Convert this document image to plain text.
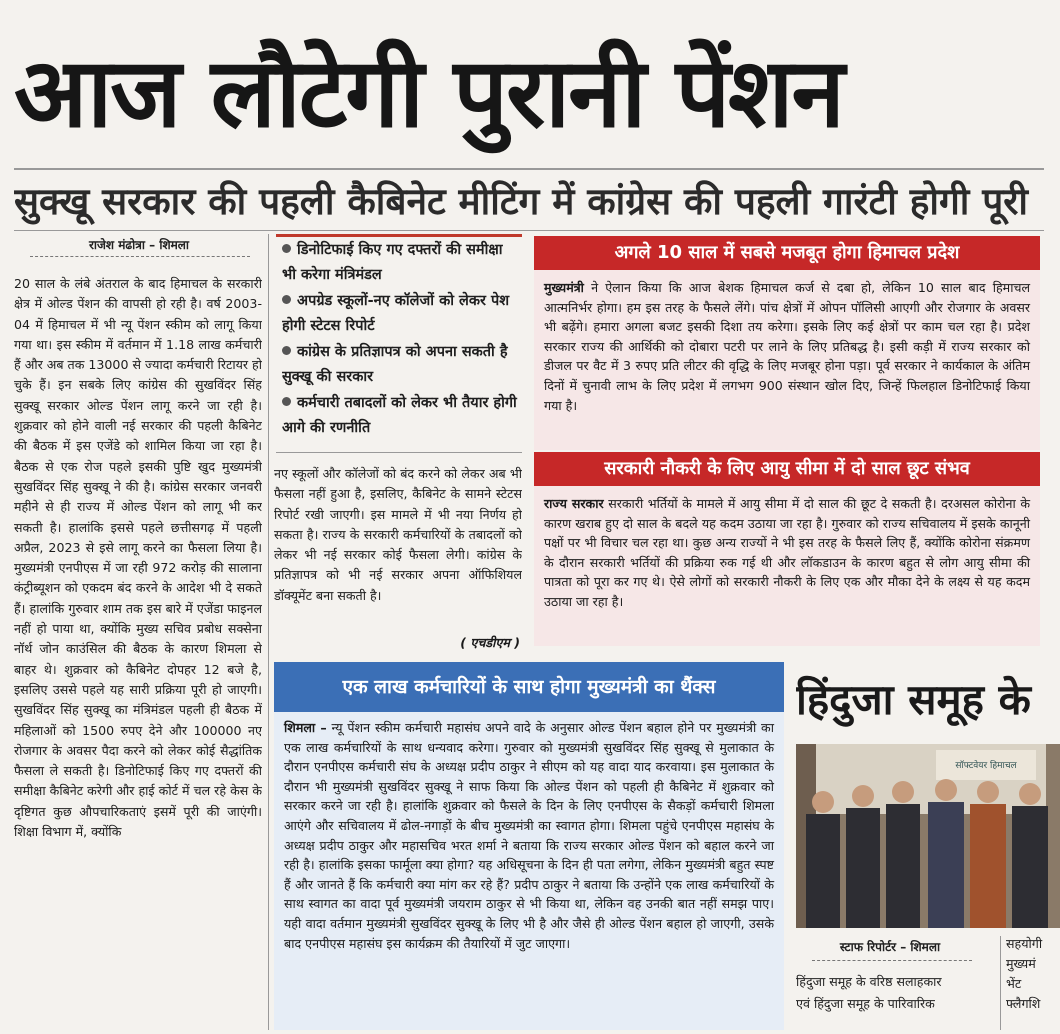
आज लौटेगी पुरानी पेंशन
सुक्खू सरकार की पहली कैबिनेट मीटिंग में कांग्रेस की पहली गारंटी होगी पूरी
राजेश मंढोत्रा – शिमला
20 साल के लंबे अंतराल के बाद हिमाचल के सरकारी क्षेत्र में ओल्ड पेंशन की वापसी हो रही है। वर्ष 2003-04 में हिमाचल में भी न्यू पेंशन स्कीम को लागू किया गया था। इस स्कीम में वर्तमान में 1.18 लाख कर्मचारी हैं और अब तक 13000 से ज्यादा कर्मचारी रिटायर हो चुके हैं। इन सबके लिए कांग्रेस की सुखविंदर सिंह सुक्खू सरकार ओल्ड पेंशन लागू करने जा रही है। शुक्रवार को होने वाली नई सरकार की पहली कैबिनेट की बैठक में इस एजेंडे को शामिल किया जा रहा है। बैठक से एक रोज पहले इसकी पुष्टि खुद मुख्यमंत्री सुखविंदर सिंह सुक्खू ने की है। कांग्रेस सरकार जनवरी महीने से ही राज्य में ओल्ड पेंशन को लागू भी कर सकती है। हालांकि इससे पहले छत्तीसगढ़ में पहली अप्रैल, 2023 से इसे लागू करने का फैसला लिया है। मुख्यमंत्री एनपीएस में जा रही 972 करोड़ की सालाना कंट्रीब्यूशन को एकदम बंद करने के आदेश भी दे सकते हैं। हालांकि गुरुवार शाम तक इस बारे में एजेंडा फाइनल नहीं हो पाया था, क्योंकि मुख्य सचिव प्रबोध सक्सेना नॉर्थ जोन काउंसिल की बैठक के कारण शिमला से बाहर थे। शुक्रवार को कैबिनेट दोपहर 12 बजे है, इसलिए उससे पहले यह सारी प्रक्रिया पूरी हो जाएगी। सुखविंदर सिंह सुक्खू का मंत्रिमंडल पहली ही बैठक में महिलाओं को 1500 रुपए देने और 100000 नए रोजगार के अवसर पैदा करने को लेकर कोई सैद्धांतिक फैसला ले सकती है। डिनोटिफाई किए गए दफ्तरों की समीक्षा कैबिनेट करेगी और हाई कोर्ट में चल रहे केस के दृष्टिगत कुछ औपचारिकताएं इसमें पूरी की जाएंगी। शिक्षा विभाग में, क्योंकि
डिनोटिफाई किए गए दफ्तरों की समीक्षा भी करेगा मंत्रिमंडल
अपग्रेड स्कूलों-नए कॉलेजों को लेकर पेश होगी स्टेटस रिपोर्ट
कांग्रेस के प्रतिज्ञापत्र को अपना सकती है सुक्खू की सरकार
कर्मचारी तबादलों को लेकर भी तैयार होगी आगे की रणनीति
नए स्कूलों और कॉलेजों को बंद करने को लेकर अब भी फैसला नहीं हुआ है, इसलिए, कैबिनेट के सामने स्टेटस रिपोर्ट रखी जाएगी। इस मामले में भी नया निर्णय हो सकता है। राज्य के सरकारी कर्मचारियों के तबादलों को लेकर भी नई सरकार कोई फैसला लेगी। कांग्रेस के प्रतिज्ञापत्र को भी नई सरकार अपना ऑफिशियल डॉक्यूमेंट बना सकती है।
( एचडीएम )
अगले 10 साल में सबसे मजबूत होगा हिमाचल प्रदेश

मुख्यमंत्री ने ऐलान किया कि आज बेशक हिमाचल कर्ज से दबा हो, लेकिन 10 साल बाद हिमाचल आत्मनिर्भर होगा। हम इस तरह के फैसले लेंगे। पांच क्षेत्रों में ओपन पॉलिसी आएगी और रोजगार के अवसर भी बढ़ेंगे। हमारा अगला बजट इसकी दिशा तय करेगा। इसके लिए कई क्षेत्रों पर काम चल रहा है। प्रदेश सरकार राज्य की आर्थिकी को दोबारा पटरी पर लाने के लिए प्रतिबद्ध है। इसी कड़ी में राज्य सरकार को डीजल पर वैट में 3 रुपए प्रति लीटर की वृद्धि के लिए मजबूर होना पड़ा। पूर्व सरकार ने कार्यकाल के अंतिम दिनों में चुनावी लाभ के लिए प्रदेश में लगभग 900 संस्थान खोल दिए, जिन्हें फिलहाल डिनोटिफाई किया गया है।

सरकारी नौकरी के लिए आयु सीमा में दो साल छूट संभव

राज्य सरकार सरकारी भर्तियों के मामले में आयु सीमा में दो साल की छूट दे सकती है। दरअसल कोरोना के कारण खराब हुए दो साल के बदले यह कदम उठाया जा रहा है। गुरुवार को राज्य सचिवालय में इसके कानूनी पक्षों पर भी विचार चल रहा था। कुछ अन्य राज्यों ने भी इस तरह के फैसले लिए हैं, क्योंकि कोरोना संक्रमण के दौरान सरकारी भर्तियों की प्रक्रिया रुक गई थी और लॉकडाउन के कारण बहुत से लोग आयु सीमा की पात्रता को पूरा कर गए थे। ऐसे लोगों को सरकारी नौकरी के लिए एक और मौका देने के लक्ष्य से यह कदम उठाया जा रहा है।

एक लाख कर्मचारियों के साथ होगा मुख्यमंत्री का थैंक्स

शिमला – न्यू पेंशन स्कीम कर्मचारी महासंघ अपने वादे के अनुसार ओल्ड पेंशन बहाल होने पर मुख्यमंत्री का एक लाख कर्मचारियों के साथ धन्यवाद करेगा। गुरुवार को मुख्यमंत्री सुखविंदर सिंह सुक्खू से मुलाकात के दौरान एनपीएस कर्मचारी संघ के अध्यक्ष प्रदीप ठाकुर ने सीएम को यह वादा याद करवाया। इस मुलाकात के दौरान भी मुख्यमंत्री सुखविंदर सुक्खू ने साफ किया कि ओल्ड पेंशन को पहली ही कैबिनेट में शुक्रवार को सरकार करने जा रही है। हालांकि शुक्रवार को फैसले के दिन के लिए एनपीएस के सैकड़ों कर्मचारी शिमला आएंगे और सचिवालय में ढोल-नगाड़ों के बीच मुख्यमंत्री का स्वागत होगा। शिमला पहुंचे एनपीएस महासंघ के अध्यक्ष प्रदीप ठाकुर और महासचिव भरत शर्मा ने बताया कि राज्य सरकार ओल्ड पेंशन को बहाल करने जा रही है। हालांकि इसका फार्मूला क्या होगा? यह अधिसूचना के दिन ही पता लगेगा, लेकिन मुख्यमंत्री बहुत स्पष्ट हैं और जानते हैं कि कर्मचारी क्या मांग कर रहे हैं? प्रदीप ठाकुर ने बताया कि उन्होंने एक लाख कर्मचारियों के साथ स्वागत का वादा पूर्व मुख्यमंत्री जयराम ठाकुर से भी किया था, लेकिन वह उनकी बात नहीं समझ पाए। यही वादा वर्तमान मुख्यमंत्री सुखविंदर सुक्खू के लिए भी है और जैसे ही ओल्ड पेंशन बहाल हो जाएगी, उसके बाद एनपीएस महासंघ इस कार्यक्रम की तैयारियों में जुट जाएगा।

हिंदुजा समूह के
सॉफ्टवेयर हिमाचल
स्टाफ रिपोर्टर – शिमला
हिंदुजा समूह के वरिष्ठ सलाहकार
एवं हिंदुजा समूह के पारिवारिक
सहयोगी
मुख्यमं
भेंट
फ्लैगशि
